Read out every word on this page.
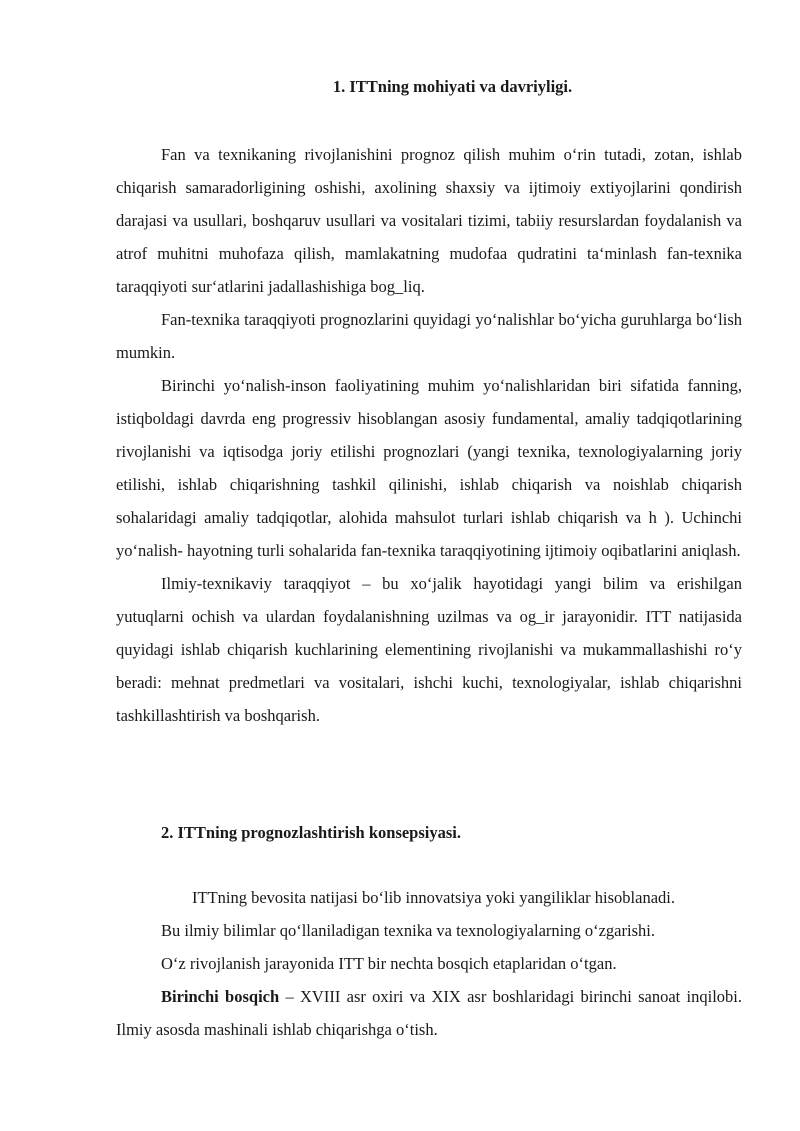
1. ITTning mohiyati va davriyligi.

Fan va texnikaning rivojlanishini prognoz qilish muhim oʻrin tutadi, zotan, ishlab chiqarish samaradorligining oshishi, axolining shaxsiy va ijtimoiy extiyojlarini qondirish darajasi va usullari, boshqaruv usullari va vositalari tizimi, tabiiy resurslardan foydalanish va atrof muhitni muhofaza qilish, mamlakatning mudofaa qudratini taʻminlash fan-texnika taraqqiyoti surʻatlarini jadallashishiga bog_liq.

Fan-texnika taraqqiyoti prognozlarini quyidagi yoʻnalishlar boʻyicha guruhlarga boʻlish mumkin.

Birinchi yoʻnalish-inson faoliyatining muhim yoʻnalishlaridan biri sifatida fanning, istiqboldagi davrda eng progressiv hisoblangan asosiy fundamental, amaliy tadqiqotlarining rivojlanishi va iqtisodga joriy etilishi prognozlari (yangi texnika, texnologiyalarning joriy etilishi, ishlab chiqarishning tashkil qilinishi, ishlab chiqarish va noishlab chiqarish sohalaridagi amaliy tadqiqotlar, alohida mahsulot turlari ishlab chiqarish va h ). Uchinchi yoʻnalish- hayotning turli sohalarida fan-texnika taraqqiyotining ijtimoiy oqibatlarini aniqlash.

Ilmiy-texnikaviy taraqqiyot – bu xoʻjalik hayotidagi yangi bilim va erishilgan yutuqlarni ochish va ulardan foydalanishning uzilmas va og_ir jarayonidir. ITT natijasida quyidagi ishlab chiqarish kuchlarining elementining rivojlanishi va mukammallashishi roʻy beradi: mehnat predmetlari va vositalari, ishchi kuchi, texnologiyalar, ishlab chiqarishni tashkillashtirish va boshqarish.

2. ITTning prognozlashtirish konsepsiyasi.

ITTning bevosita natijasi boʻlib innovatsiya yoki yangiliklar hisoblanadi.

Bu ilmiy bilimlar qoʻllaniladigan texnika va texnologiyalarning oʻzgarishi.

Oʻz rivojlanish jarayonida ITT bir nechta bosqich etaplaridan oʻtgan.

Birinchi bosqich – XVIII asr oxiri va XIX asr boshlaridagi birinchi sanoat inqilobi. Ilmiy asosda mashinali ishlab chiqarishga oʻtish.
